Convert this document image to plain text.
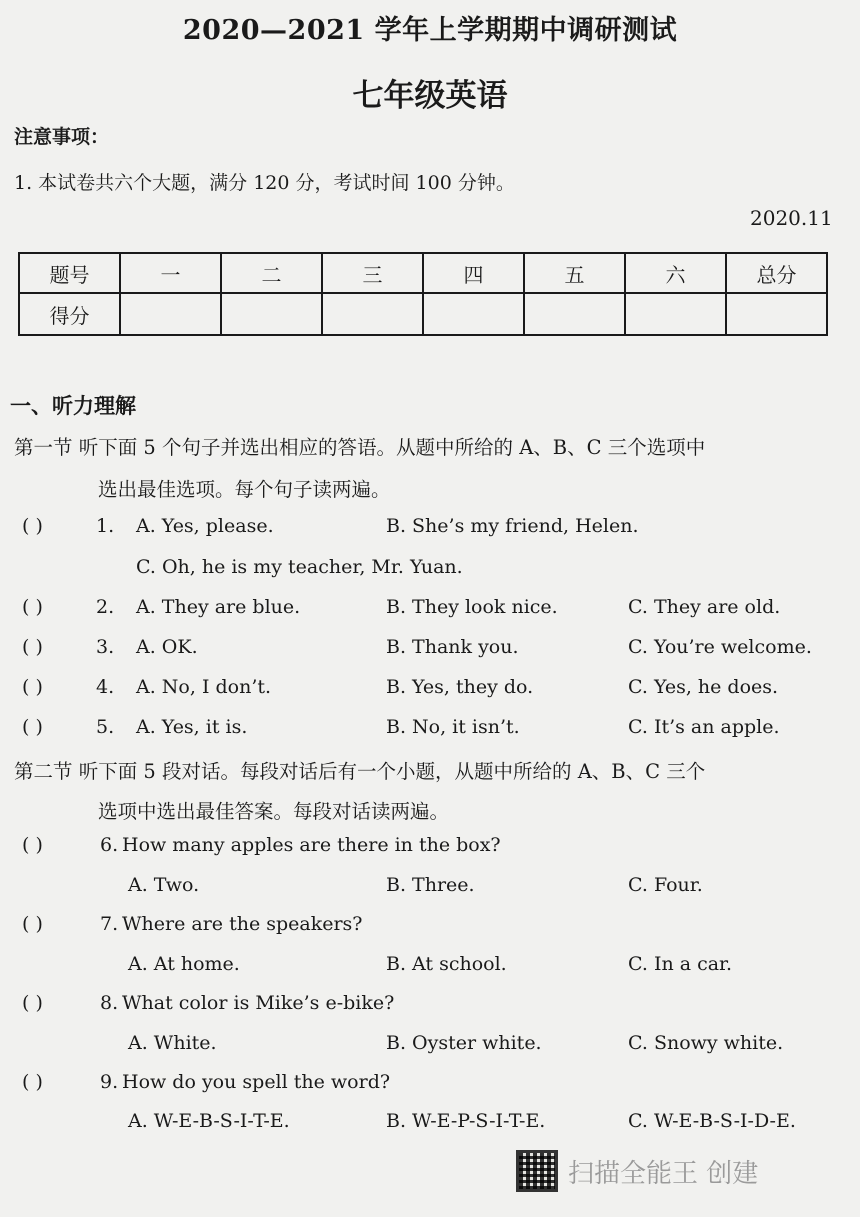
2020—2021 学年上学期期中调研测试
七年级英语
注意事项：
1. 本试卷共六个大题，满分 120 分，考试时间 100 分钟。
2020.11
题号	一	二	三	四	五	六	总分
得分							
一、听力理解
第一节 听下面 5 个句子并选出相应的答语。从题中所给的 A、B、C 三个选项中
选出最佳选项。每个句子读两遍。
( )	1. A. Yes, please.	B. She’s my friend, Helen.
C. Oh, he is my teacher, Mr. Yuan.
( )	2. A. They are blue.	B. They look nice.	C. They are old.
( )	3. A. OK.	B. Thank you.	C. You’re welcome.
( )	4. A. No, I don’t.	B. Yes, they do.	C. Yes, he does.
( )	5. A. Yes, it is.	B. No, it isn’t.	C. It’s an apple.
第二节 听下面 5 段对话。每段对话后有一个小题，从题中所给的 A、B、C 三个
选项中选出最佳答案。每段对话读两遍。
( )	6. How many apples are there in the box?
A. Two.	B. Three.	C. Four.
( )	7. Where are the speakers?
A. At home.	B. At school.	C. In a car.
( )	8. What color is Mike’s e-bike?
A. White.	B. Oyster white.	C. Snowy white.
( )	9. How do you spell the word?
A. W-E-B-S-I-T-E.	B. W-E-P-S-I-T-E.	C. W-E-B-S-I-D-E.
扫描全能王 创建
